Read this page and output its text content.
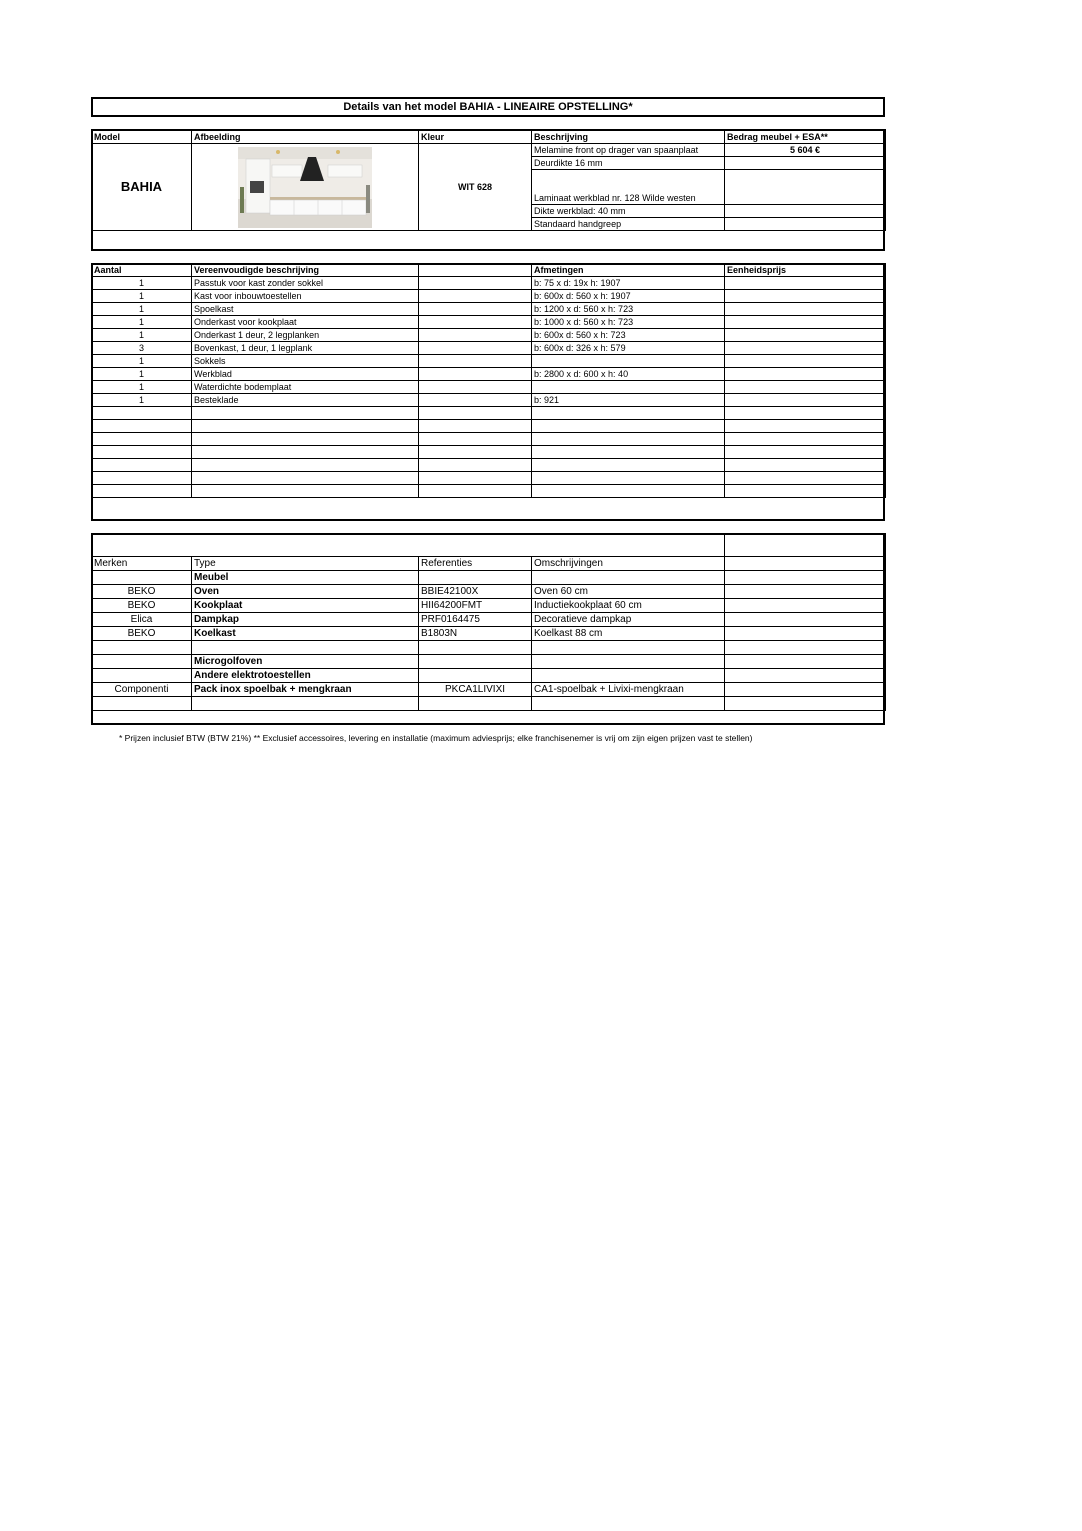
Details van het model BAHIA - LINEAIRE OPSTELLING*
Model	Afbeelding	Kleur	Beschrijving	Bedrag meubel + ESA**
BAHIA		WIT 628	Melamine front op drager van spaanplaat	5 604 €
			Deurdikte 16 mm	
			Laminaat werkblad nr. 128 Wilde westen	
			Dikte werkblad: 40 mm	
			Standaard handgreep	
Aantal	Vereenvoudigde beschrijving		Afmetingen	Eenheidsprijs
1	Passtuk voor kast zonder sokkel		b: 75 x d: 19x h: 1907	
1	Kast voor inbouwtoestellen		b: 600x d: 560 x h: 1907	
1	Spoelkast		b: 1200 x d: 560 x h: 723	
1	Onderkast voor kookplaat		b: 1000 x d: 560 x h: 723	
1	Onderkast 1 deur, 2 legplanken		b: 600x d: 560 x h: 723	
3	Bovenkast, 1 deur, 1 legplank		b: 600x d: 326 x h: 579	
1	Sokkels			
1	Werkblad		b: 2800 x d: 600 x h: 40	
1	Waterdichte bodemplaat			
1	Besteklade		b: 921	

Merken	Type	Referenties	Omschrijvingen	
	Meubel			
BEKO	Oven	BBIE42100X	Oven 60 cm	
BEKO	Kookplaat	HII64200FMT	Inductiekookplaat 60 cm	
Elica	Dampkap	PRF0164475	Decoratieve dampkap	
BEKO	Koelkast	B1803N	Koelkast 88 cm	

	Microgolfoven			
	Andere elektrotoestellen			
Componenti	Pack inox spoelbak + mengkraan	PKCA1LIVIXI	CA1-spoelbak + Livixi-mengkraan	

* Prijzen inclusief BTW (BTW 21%) ** Exclusief accessoires, levering en installatie (maximum adviesprijs; elke franchisenemer is vrij om zijn eigen prijzen vast te stellen)
